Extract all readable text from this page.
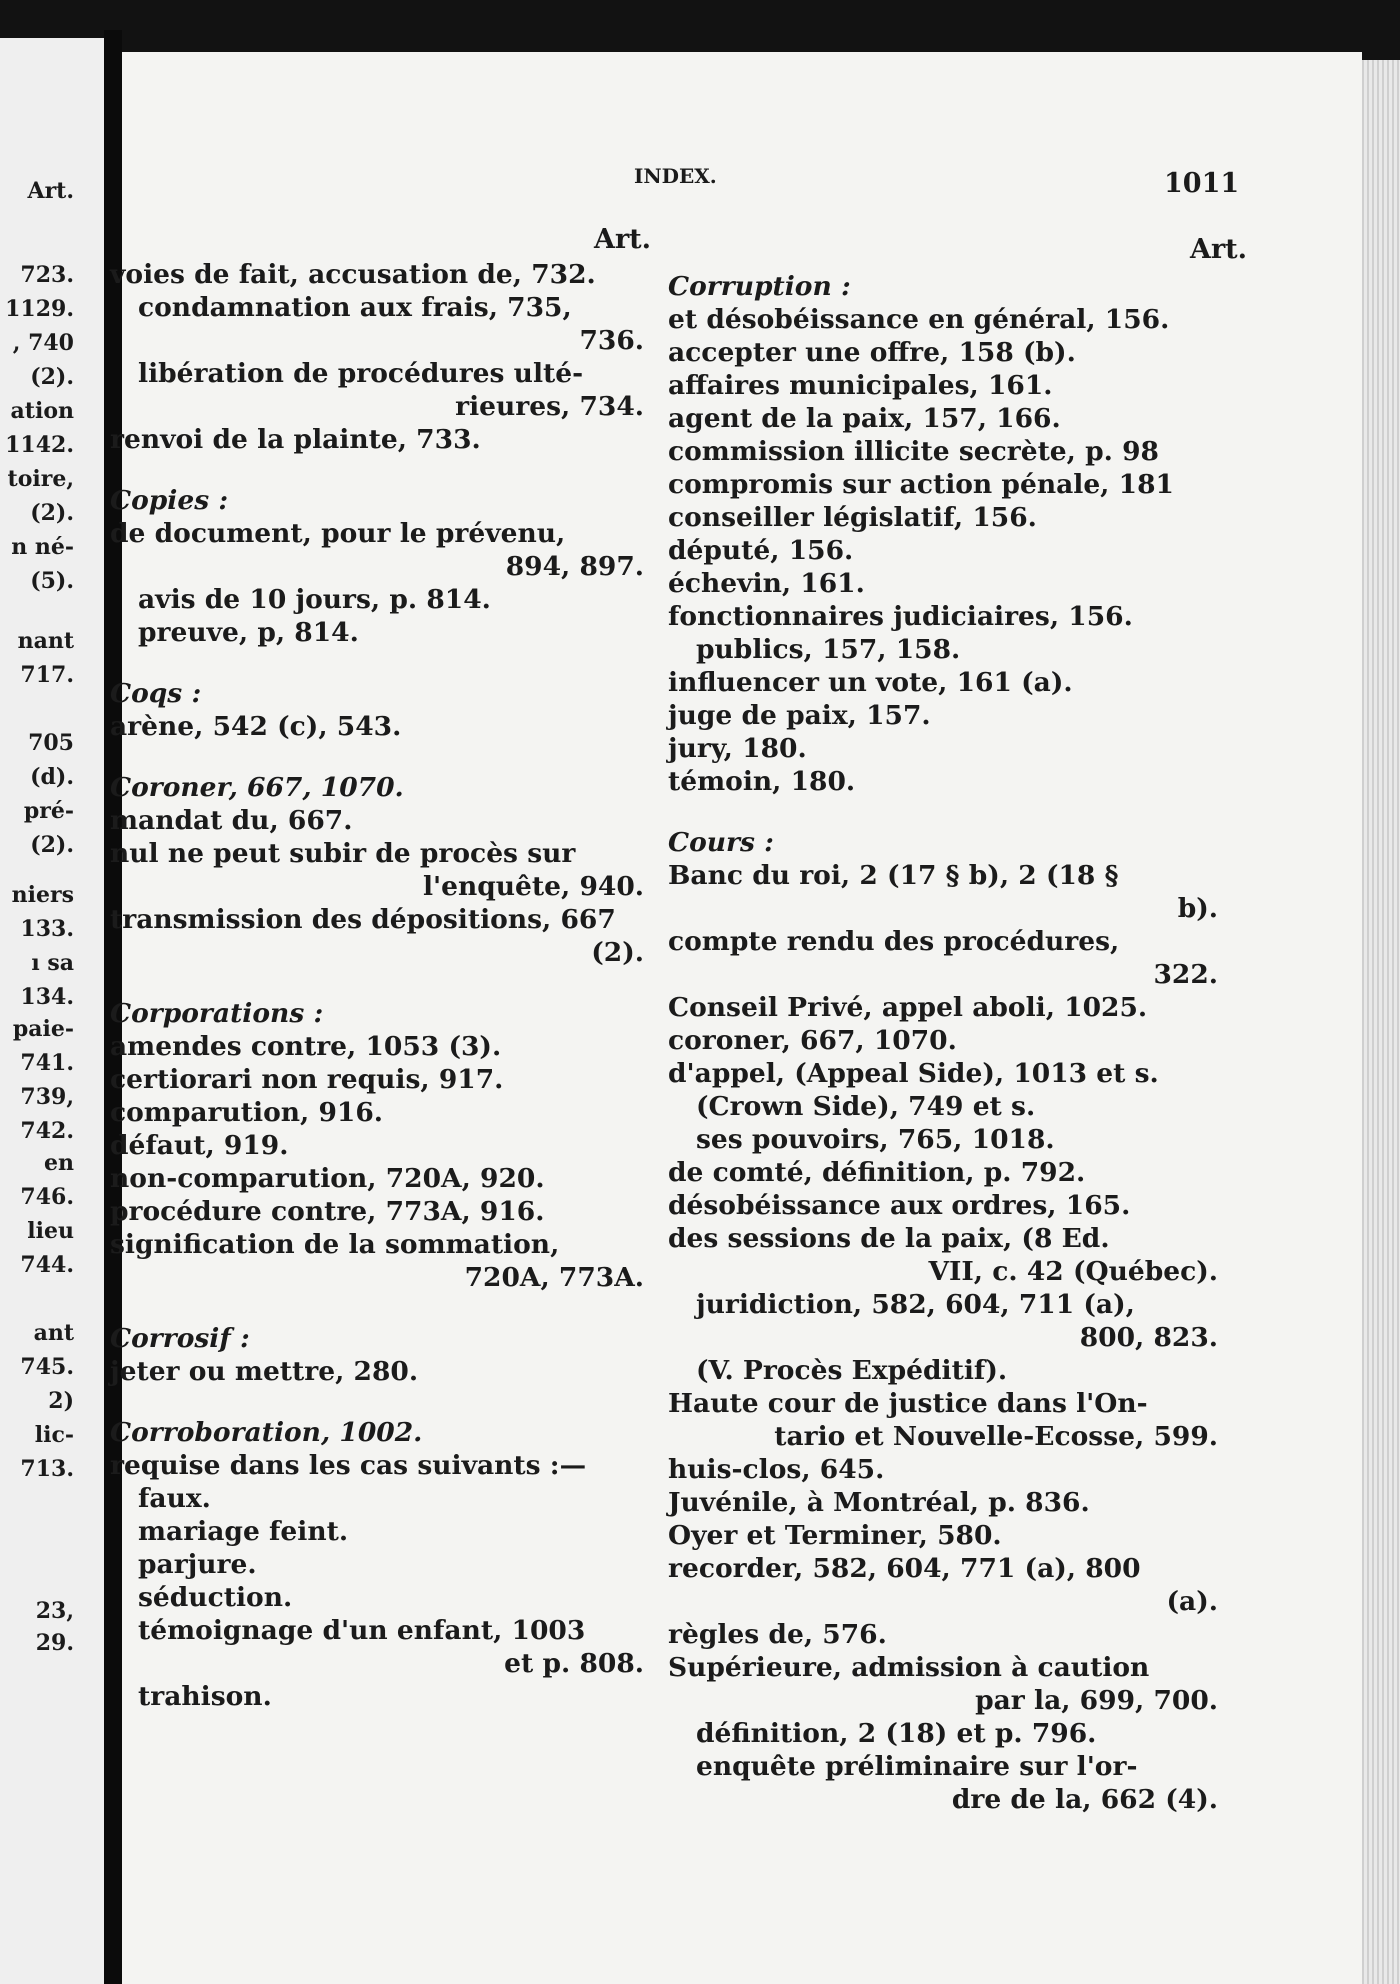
Art.
723.
1129.
, 740
(2).
ation
1142.
toire,
(2).
n né-
(5).
nant
717.
705
(d).
pré-
(2).
niers
133.
ı sa
134.
paie-
741.
739,
742.
en
746.
lieu
744.
ant
745.
2)
lic-
713.
23,
29.
INDEX.	1011
Art.	Art.
voies de fait, accusation de, 732.
condamnation aux frais, 735,
736.
libération de procédures ulté-
rieures, 734.
renvoi de la plainte, 733.
Copies :
de document, pour le prévenu,
894, 897.
avis de 10 jours, p. 814.
preuve, p, 814.
Coqs :
arène, 542 (c), 543.
Coroner, 667, 1070.
mandat du, 667.
nul ne peut subir de procès sur
l'enquête, 940.
transmission des dépositions, 667
(2).
Corporations :
amendes contre, 1053 (3).
certiorari non requis, 917.
comparution, 916.
défaut, 919.
non-comparution, 720A, 920.
procédure contre, 773A, 916.
signification de la sommation,
720A, 773A.
Corrosif :
jeter ou mettre, 280.
Corroboration, 1002.
requise dans les cas suivants :—
faux.
mariage feint.
parjure.
séduction.
témoignage d'un enfant, 1003
et p. 808.
trahison.
Corruption :
et désobéissance en général, 156.
accepter une offre, 158 (b).
affaires municipales, 161.
agent de la paix, 157, 166.
commission illicite secrète, p. 98
compromis sur action pénale, 181
conseiller législatif, 156.
député, 156.
échevin, 161.
fonctionnaires judiciaires, 156.
publics, 157, 158.
influencer un vote, 161 (a).
juge de paix, 157.
jury, 180.
témoin, 180.
Cours :
Banc du roi, 2 (17 § b), 2 (18 §
b).
compte rendu des procédures,
322.
Conseil Privé, appel aboli, 1025.
coroner, 667, 1070.
d'appel, (Appeal Side), 1013 et s.
(Crown Side), 749 et s.
ses pouvoirs, 765, 1018.
de comté, définition, p. 792.
désobéissance aux ordres, 165.
des sessions de la paix, (8 Ed.
VII, c. 42 (Québec).
juridiction, 582, 604, 711 (a),
800, 823.
(V. Procès Expéditif).
Haute cour de justice dans l'On-
tario et Nouvelle-Ecosse, 599.
huis-clos, 645.
Juvénile, à Montréal, p. 836.
Oyer et Terminer, 580.
recorder, 582, 604, 771 (a), 800
(a).
règles de, 576.
Supérieure, admission à caution
par la, 699, 700.
définition, 2 (18) et p. 796.
enquête préliminaire sur l'or-
dre de la, 662 (4).
